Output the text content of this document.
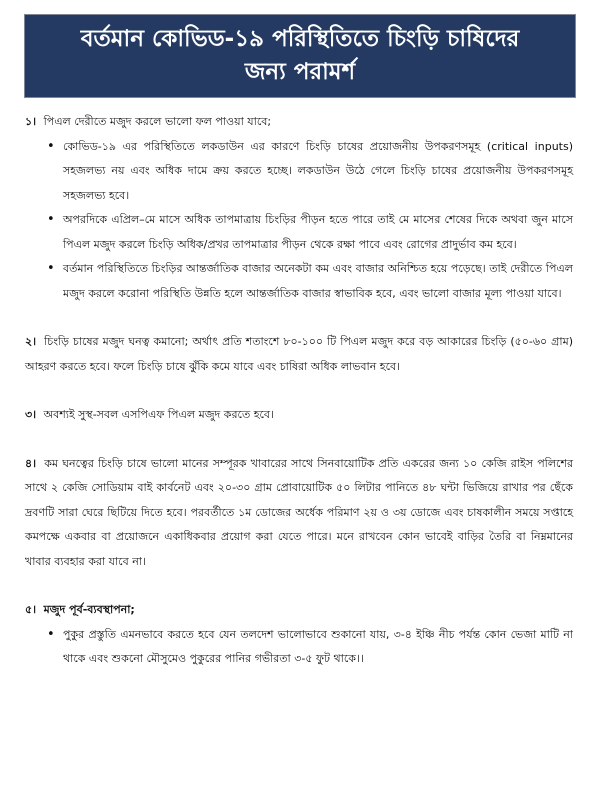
বর্তমান কোভিড-১৯ পরিস্থিতিতে চিংড়ি চাষিদের
জন্য পরামর্শ

১। পিএল দেরীতে মজুদ করলে ভালো ফল পাওয়া যাবে;

• কোভিড-১৯ এর পরিস্থিতিতে লকডাউন এর কারণে চিংড়ি চাষের প্রয়োজনীয় উপকরণসমূহ (critical inputs) সহজলভ্য নয় এবং অধিক দামে ক্রয় করতে হচ্ছে। লকডাউন উঠে গেলে চিংড়ি চাষের প্রয়োজনীয় উপকরণসমূহ সহজলভ্য হবে।
• অপরদিকে এপ্রিল–মে মাসে অধিক তাপমাত্রায় চিংড়ির পীড়ন হতে পারে তাই মে মাসের শেষের দিকে অথবা জুন মাসে পিএল মজুদ করলে চিংড়ি অধিক/প্রখর তাপমাত্রার পীড়ন থেকে রক্ষা পাবে এবং রোগের প্রাদুর্ভাব কম হবে।
• বর্তমান পরিস্থিতিতে চিংড়ির আন্তর্জাতিক বাজার অনেকটা কম এবং বাজার অনিশ্চিত হয়ে পড়েছে। তাই দেরীতে পিএল মজুদ করলে করোনা পরিস্থিতি উন্নতি হলে আন্তর্জাতিক বাজার স্বাভাবিক হবে, এবং ভালো বাজার মূল্য পাওয়া যাবে।

২। চিংড়ি চাষের মজুদ ঘনত্ব কমানো; অর্থাৎ প্রতি শতাংশে ৮০-১০০ টি পিএল মজুদ করে বড় আকারের চিংড়ি (৫০-৬০ গ্রাম) আহরণ করতে হবে। ফলে চিংড়ি চাষে ঝুঁকি কমে যাবে এবং চাষিরা অধিক লাভবান হবে।

৩। অবশ্যই সুস্থ-সবল এসপিএফ পিএল মজুদ করতে হবে।

৪। কম ঘনত্বের চিংড়ি চাষে ভালো মানের সম্পূরক খাবারের সাথে সিনবায়োটিক প্রতি একরের জন্য ১০ কেজি রাইস পলিশের সাথে ২ কেজি সোডিয়াম বাই কার্বনেট এবং ২০-৩০ গ্রাম প্রোবায়োটিক ৫০ লিটার পানিতে ৪৮ ঘন্টা ভিজিয়ে রাখার পর ছেঁকে দ্রবণটি সারা ঘেরে ছিটিয়ে দিতে হবে। পরবর্তীতে ১ম ডোজের অর্ধেক পরিমাণ ২য় ও ৩য় ডোজে এবং চাষকালীন সময়ে সপ্তাহে কমপক্ষে একবার বা প্রয়োজনে একাধিকবার প্রয়োগ করা যেতে পারে। মনে রাখবেন কোন ভাবেই বাড়ির তৈরি বা নিম্নমানের খাবার ব্যবহার করা যাবে না।

৫। মজুদ পূর্ব-ব্যবস্থাপনা;

• পুকুর প্রস্তুতি এমনভাবে করতে হবে যেন তলদেশ ভালোভাবে শুকানো যায়, ৩-৪ ইঞ্চি নীচ পর্যন্ত কোন ভেজা মাটি না থাকে এবং শুকনো মৌসুমেও পুকুরের পানির গভীরতা ৩-৫ ফুট থাকে।।
